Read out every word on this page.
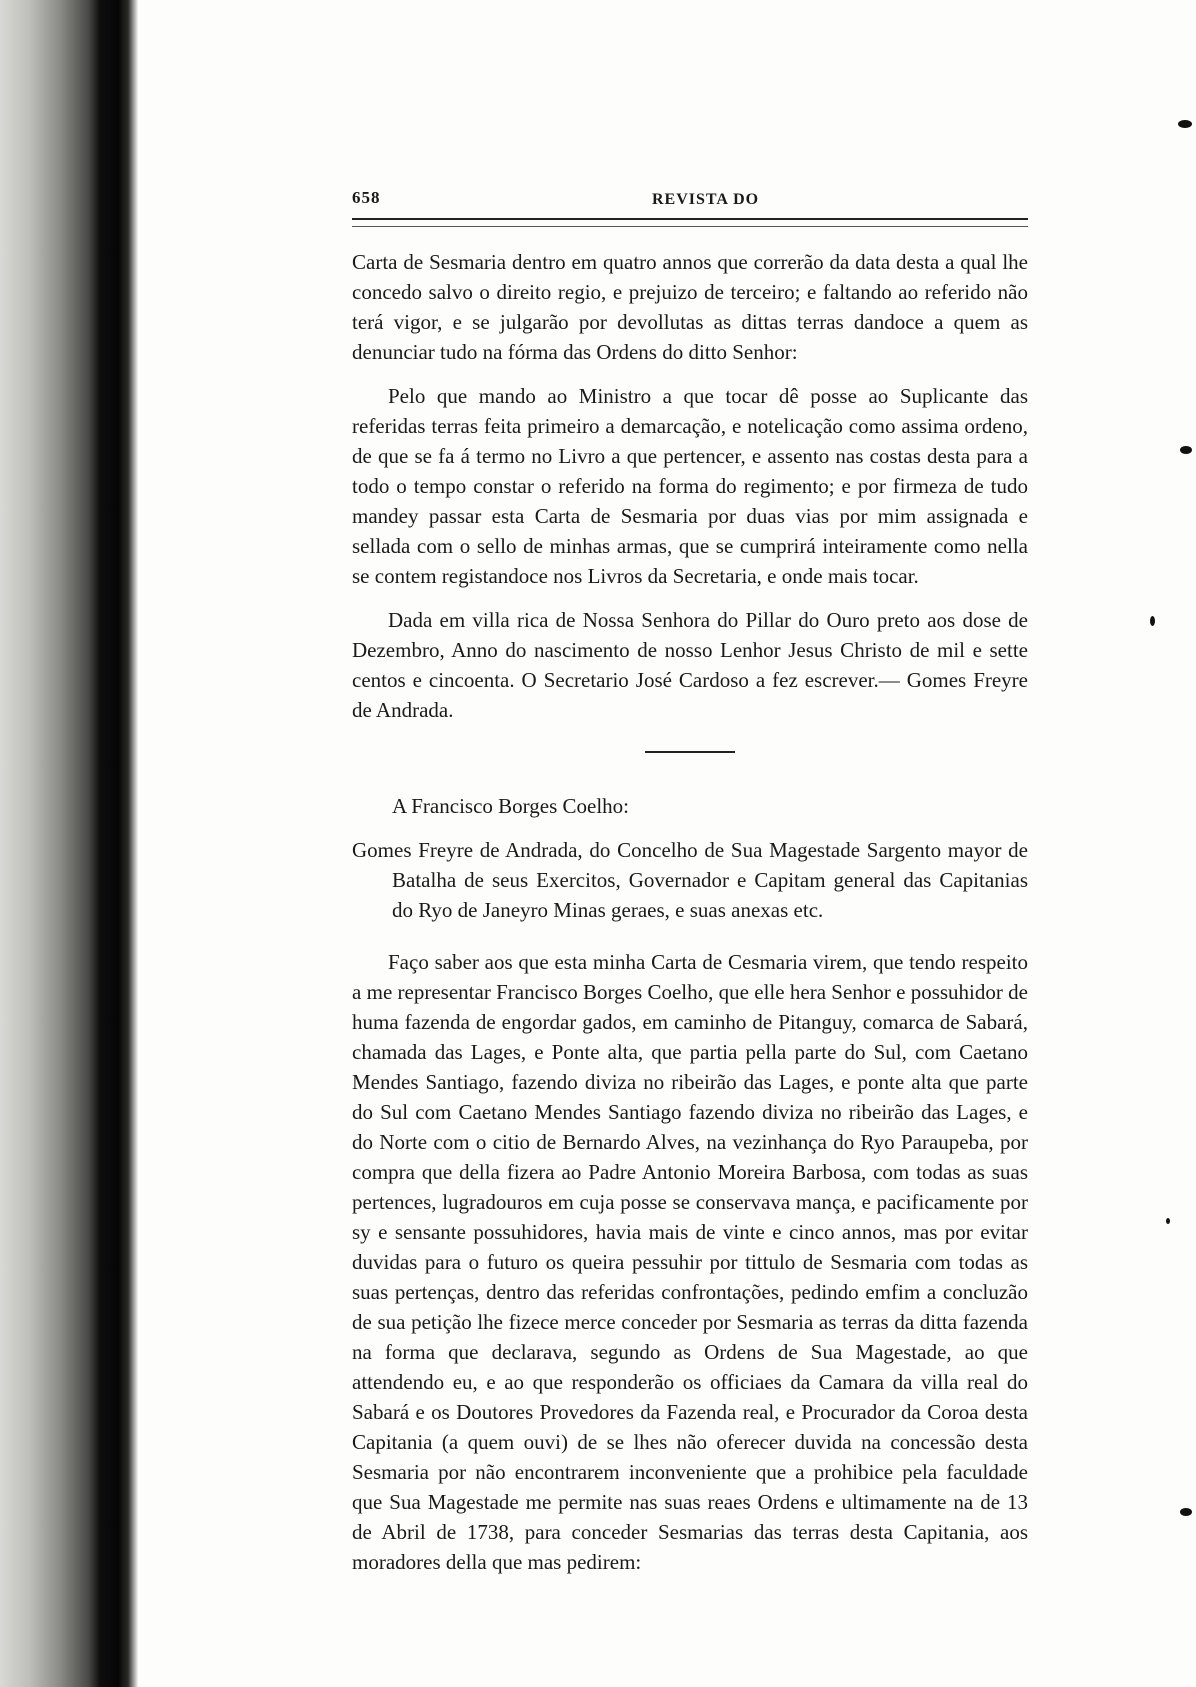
658	REVISTA DO

Carta de Sesmaria dentro em quatro annos que correrão da data desta a qual lhe concedo salvo o direito regio, e prejuizo de terceiro; e faltando ao referido não terá vigor, e se julgarão por devollutas as dittas terras dandoce a quem as denunciar tudo na fórma das Ordens do ditto Senhor:

Pelo que mando ao Ministro a que tocar dê posse ao Suplicante das referidas terras feita primeiro a demarcação, e notelicação como assima ordeno, de que se fa á termo no Livro a que pertencer, e assento nas costas desta para a todo o tempo constar o referido na forma do regimento; e por firmeza de tudo mandey passar esta Carta de Sesmaria por duas vias por mim assignada e sellada com o sello de minhas armas, que se cumprirá inteiramente como nella se contem registandoce nos Livros da Secretaria, e onde mais tocar.

Dada em villa rica de Nossa Senhora do Pillar do Ouro preto aos dose de Dezembro, Anno do nascimento de nosso Lenhor Jesus Christo de mil e sette centos e cincoenta. O Secretario José Cardoso a fez escrever.— Gomes Freyre de Andrada.

A Francisco Borges Coelho:

Gomes Freyre de Andrada, do Concelho de Sua Magestade Sargento mayor de Batalha de seus Exercitos, Governador e Capitam general das Capitanias do Ryo de Janeyro Minas geraes, e suas anexas etc.

Faço saber aos que esta minha Carta de Cesmaria virem, que tendo respeito a me representar Francisco Borges Coelho, que elle hera Senhor e possuhidor de huma fazenda de engordar gados, em caminho de Pitanguy, comarca de Sabará, chamada das Lages, e Ponte alta, que partia pella parte do Sul, com Caetano Mendes Santiago, fazendo diviza no ribeirão das Lages, e ponte alta que parte do Sul com Caetano Mendes Santiago fazendo diviza no ribeirão das Lages, e do Norte com o citio de Bernardo Alves, na vezinhança do Ryo Paraupeba, por compra que della fizera ao Padre Antonio Moreira Barbosa, com todas as suas pertences, lugradouros em cuja posse se conservava mança, e pacificamente por sy e sensante possuhidores, havia mais de vinte e cinco annos, mas por evitar duvidas para o futuro os queira pessuhir por tittulo de Sesmaria com todas as suas pertenças, dentro das referidas confrontações, pedindo emfim a concluzão de sua petição lhe fizece merce conceder por Sesmaria as terras da ditta fazenda na forma que declarava, segundo as Ordens de Sua Magestade, ao que attendendo eu, e ao que responderão os officiaes da Camara da villa real do Sabará e os Doutores Provedores da Fazenda real, e Procurador da Coroa desta Capitania (a quem ouvi) de se lhes não oferecer duvida na concessão desta Sesmaria por não encontrarem inconveniente que a prohibice pela faculdade que Sua Magestade me permite nas suas reaes Ordens e ultimamente na de 13 de Abril de 1738, para conceder Sesmarias das terras desta Capitania, aos moradores della que mas pedirem:
